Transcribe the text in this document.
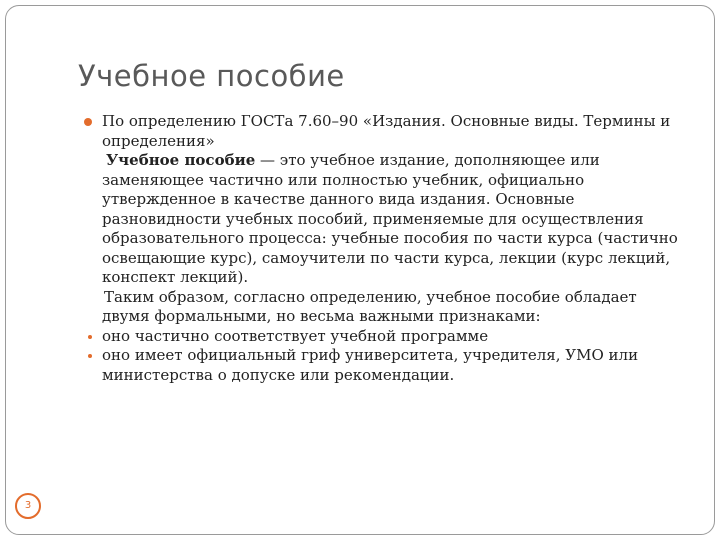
Учебное пособие
По определению ГОСТа 7.60–90 «Издания. Основные виды. Термины и определения»
Учебное пособие — это учебное издание, дополняющее или заменяющее частично или полностью учебник, официально утвержденное в качестве данного вида издания. Основные разновидности учебных пособий, применяемые для осуществления образовательного процесса: учебные пособия по части курса (частично освещающие курс), самоучители по части курса, лекции (курс лекций, конспект лекций).
Таким образом, согласно определению, учебное пособие обладает двумя формальными, но весьма важными признаками:
оно частично соответствует учебной программе
оно имеет официальный гриф университета, учредителя, УМО или министерства о допуске или рекомендации.
3
